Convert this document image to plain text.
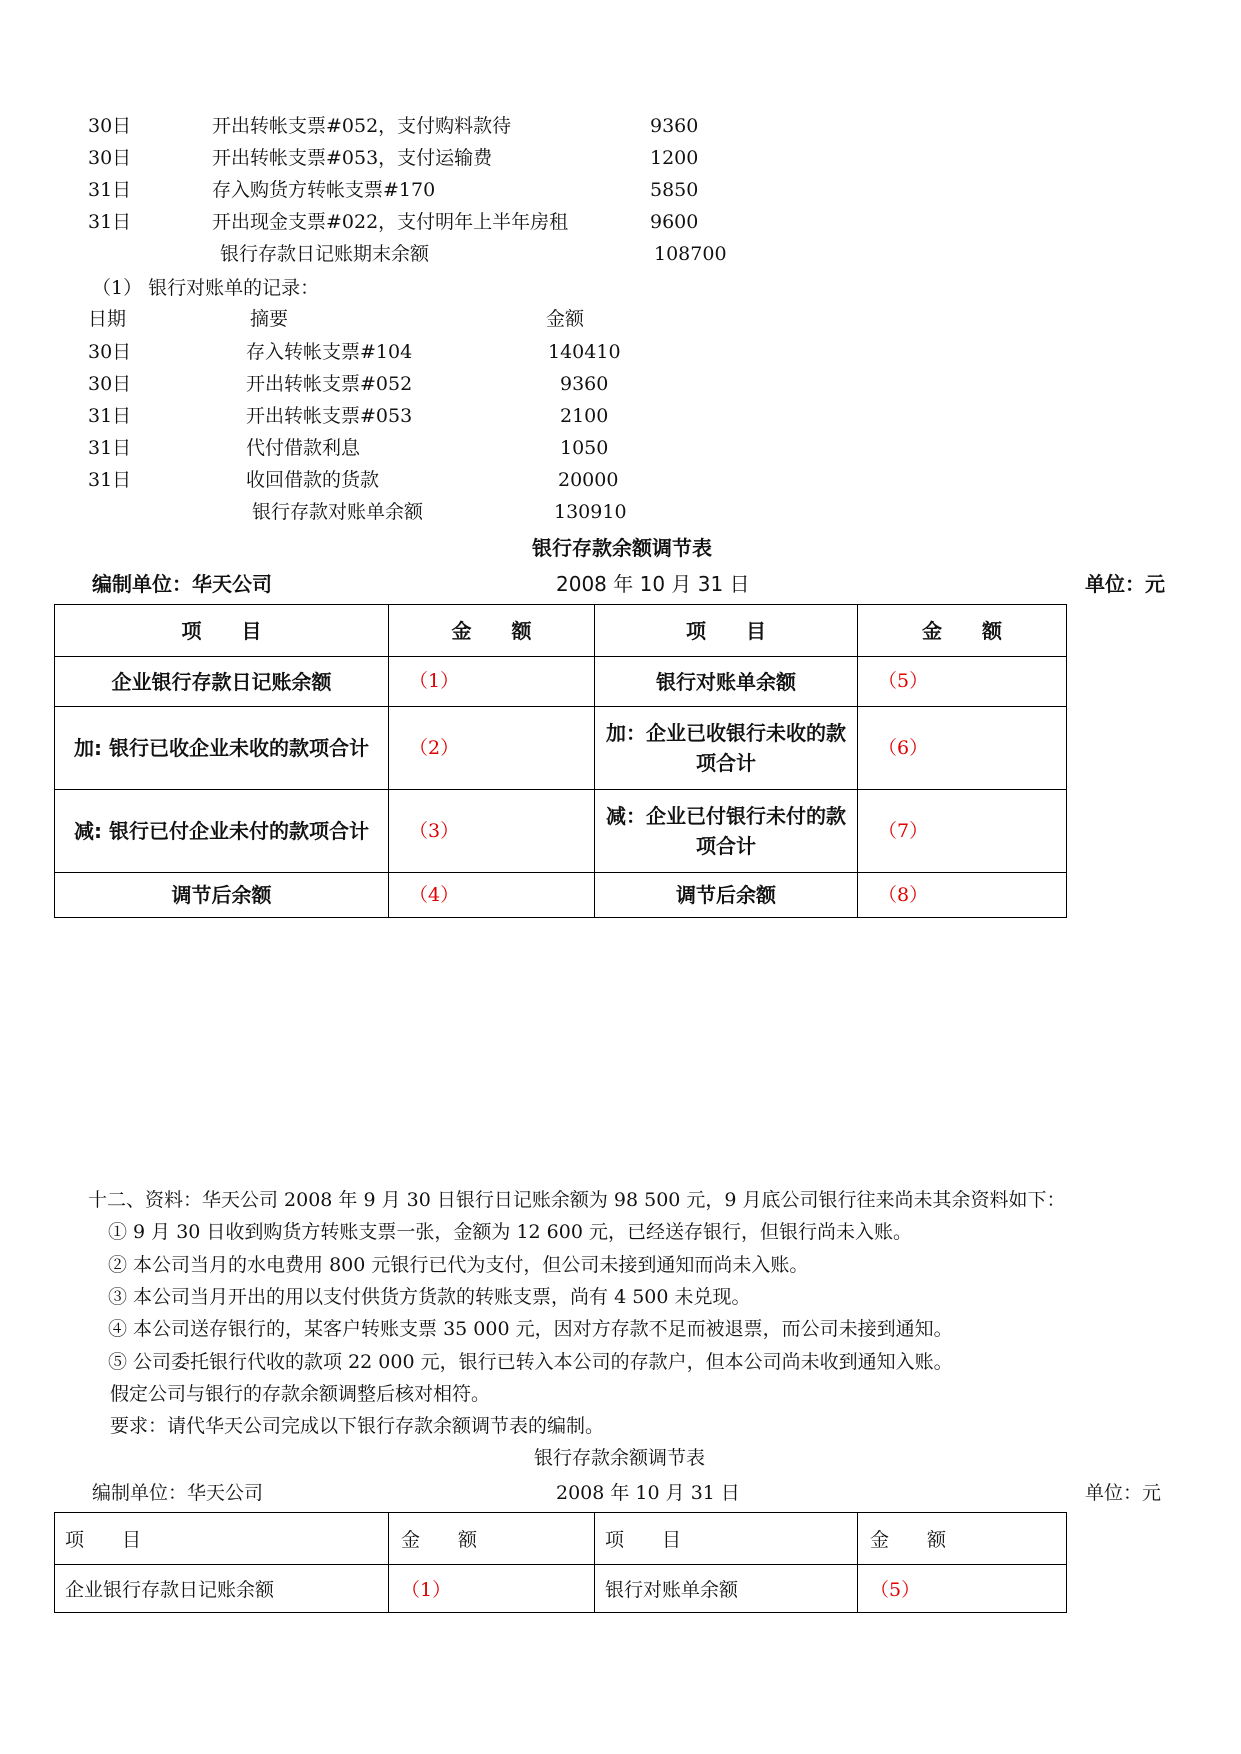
30日	开出转帐支票#052，支付购料款待	9360
30日	开出转帐支票#053，支付运输费	1200
31日	存入购货方转帐支票#170	5850
31日	开出现金支票#022，支付明年上半年房租	9600
银行存款日记账期末余额	108700
（1） 银行对账单的记录：
日期	摘要	金额
30日	存入转帐支票#104	140410
30日	开出转帐支票#052	9360
31日	开出转帐支票#053	2100
31日	代付借款利息	1050
31日	收回借款的货款	20000
银行存款对账单余额	130910
银行存款余额调节表
编制单位：华天公司	2008 年 10 月 31 日	单位：元
项　　目	金　　额	项　　目	金　　额
企业银行存款日记账余额	（1）	银行对账单余额	（5）
加: 银行已收企业未收的款项合计	（2）	加：企业已收银行未收的款项合计	（6）
减: 银行已付企业未付的款项合计	（3）	减：企业已付银行未付的款项合计	（7）
调节后余额	（4）	调节后余额	（8）
十二、资料：华天公司 2008 年 9 月 30 日银行日记账余额为 98 500 元，9 月底公司银行往来尚未其余资料如下：
① 9 月 30 日收到购货方转账支票一张，金额为 12 600 元，已经送存银行，但银行尚未入账。
② 本公司当月的水电费用 800 元银行已代为支付，但公司未接到通知而尚未入账。
③ 本公司当月开出的用以支付供货方货款的转账支票，尚有 4 500 未兑现。
④ 本公司送存银行的，某客户转账支票 35 000 元，因对方存款不足而被退票，而公司未接到通知。
⑤ 公司委托银行代收的款项 22 000 元，银行已转入本公司的存款户，但本公司尚未收到通知入账。
假定公司与银行的存款余额调整后核对相符。
要求：请代华天公司完成以下银行存款余额调节表的编制。
银行存款余额调节表
编制单位：华天公司	2008 年 10 月 31 日	单位：元
项　　目	金　　额	项　　目	金　　额
企业银行存款日记账余额	（1）	银行对账单余额	（5）
